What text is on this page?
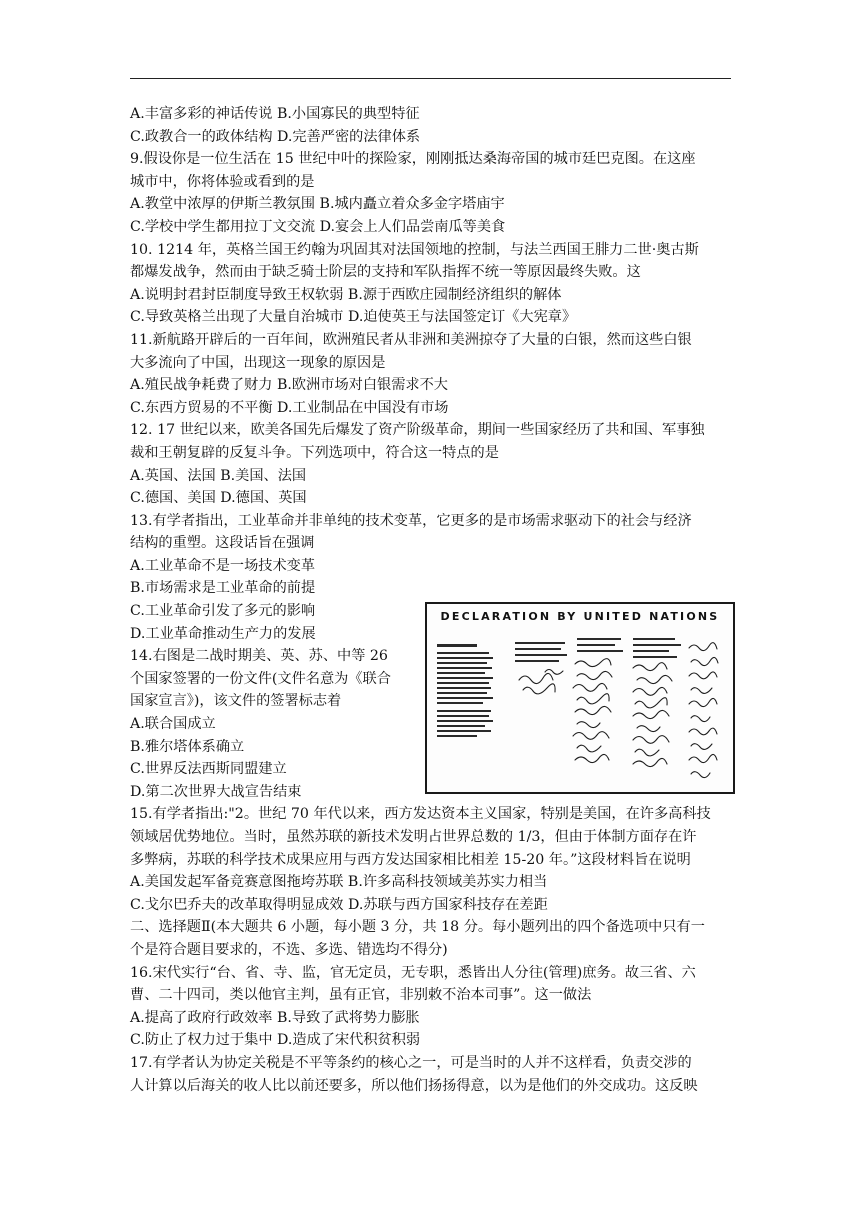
A.丰富多彩的神话传说 B.小国寡民的典型特征
C.政教合一的政体结构 D.完善严密的法律体系
9.假设你是一位生活在 15 世纪中叶的探险家，刚刚抵达桑海帝国的城市廷巴克图。在这座
城市中，你将体验或看到的是
A.教堂中浓厚的伊斯兰教氛围 B.城内矗立着众多金字塔庙宇
C.学校中学生都用拉丁文交流 D.宴会上人们品尝南瓜等美食
10. 1214 年，英格兰国王约翰为巩固其对法国领地的控制，与法兰西国王腓力二世·奥古斯
都爆发战争，然而由于缺乏骑士阶层的支持和军队指挥不统一等原因最终失败。这
A.说明封君封臣制度导致王权软弱 B.源于西欧庄园制经济组织的解体
C.导致英格兰出现了大量自治城市 D.迫使英王与法国签定订《大宪章》
11.新航路开辟后的一百年间，欧洲殖民者从非洲和美洲掠夺了大量的白银，然而这些白银
大多流向了中国，出现这一现象的原因是
A.殖民战争耗费了财力 B.欧洲市场对白银需求不大
C.东西方贸易的不平衡 D.工业制品在中国没有市场
12. 17 世纪以来，欧美各国先后爆发了资产阶级革命，期间一些国家经历了共和国、军事独
裁和王朝复辟的反复斗争。下列选项中，符合这一特点的是
A.英国、法国 B.美国、法国
C.德国、美国 D.德国、英国
13.有学者指出，工业革命并非单纯的技术变革，它更多的是市场需求驱动下的社会与经济
结构的重塑。这段话旨在强调
A.工业革命不是一场技术变革
B.市场需求是工业革命的前提
C.工业革命引发了多元的影响
D.工业革命推动生产力的发展
14.右图是二战时期美、英、苏、中等 26
个国家签署的一份文件(文件名意为《联合
国家宣言》)，该文件的签署标志着
A.联合国成立
B.雅尔塔体系确立
C.世界反法西斯同盟建立
D.第二次世界大战宣告结束
15.有学者指出:"2。世纪 70 年代以来，西方发达资本主义国家，特别是美国，在许多高科技
领域居优势地位。当时，虽然苏联的新技术发明占世界总数的 1/3，但由于体制方面存在许
多弊病，苏联的科学技术成果应用与西方发达国家相比相差 15-20 年。”这段材料旨在说明
A.美国发起军备竞赛意图拖垮苏联 B.许多高科技领域美苏实力相当
C.戈尔巴乔夫的改革取得明显成效 D.苏联与西方国家科技存在差距
二、选择题Ⅱ(本大题共 6 小题，每小题 3 分，共 18 分。每小题列出的四个备选项中只有一
个是符合题目要求的，不选、多选、错选均不得分)
16.宋代实行“台、省、寺、监，官无定员，无专职，悉皆出人分往(管理)庶务。故三省、六
曹、二十四司，类以他官主判，虽有正官，非别敕不治本司事”。这一做法
A.提高了政府行政效率 B.导致了武将势力膨胀
C.防止了权力过于集中 D.造成了宋代积贫积弱
17.有学者认为协定关税是不平等条约的核心之一，可是当时的人并不这样看，负责交涉的
人计算以后海关的收人比以前还要多，所以他们扬扬得意，以为是他们的外交成功。这反映
DECLARATION BY UNITED NATIONS
